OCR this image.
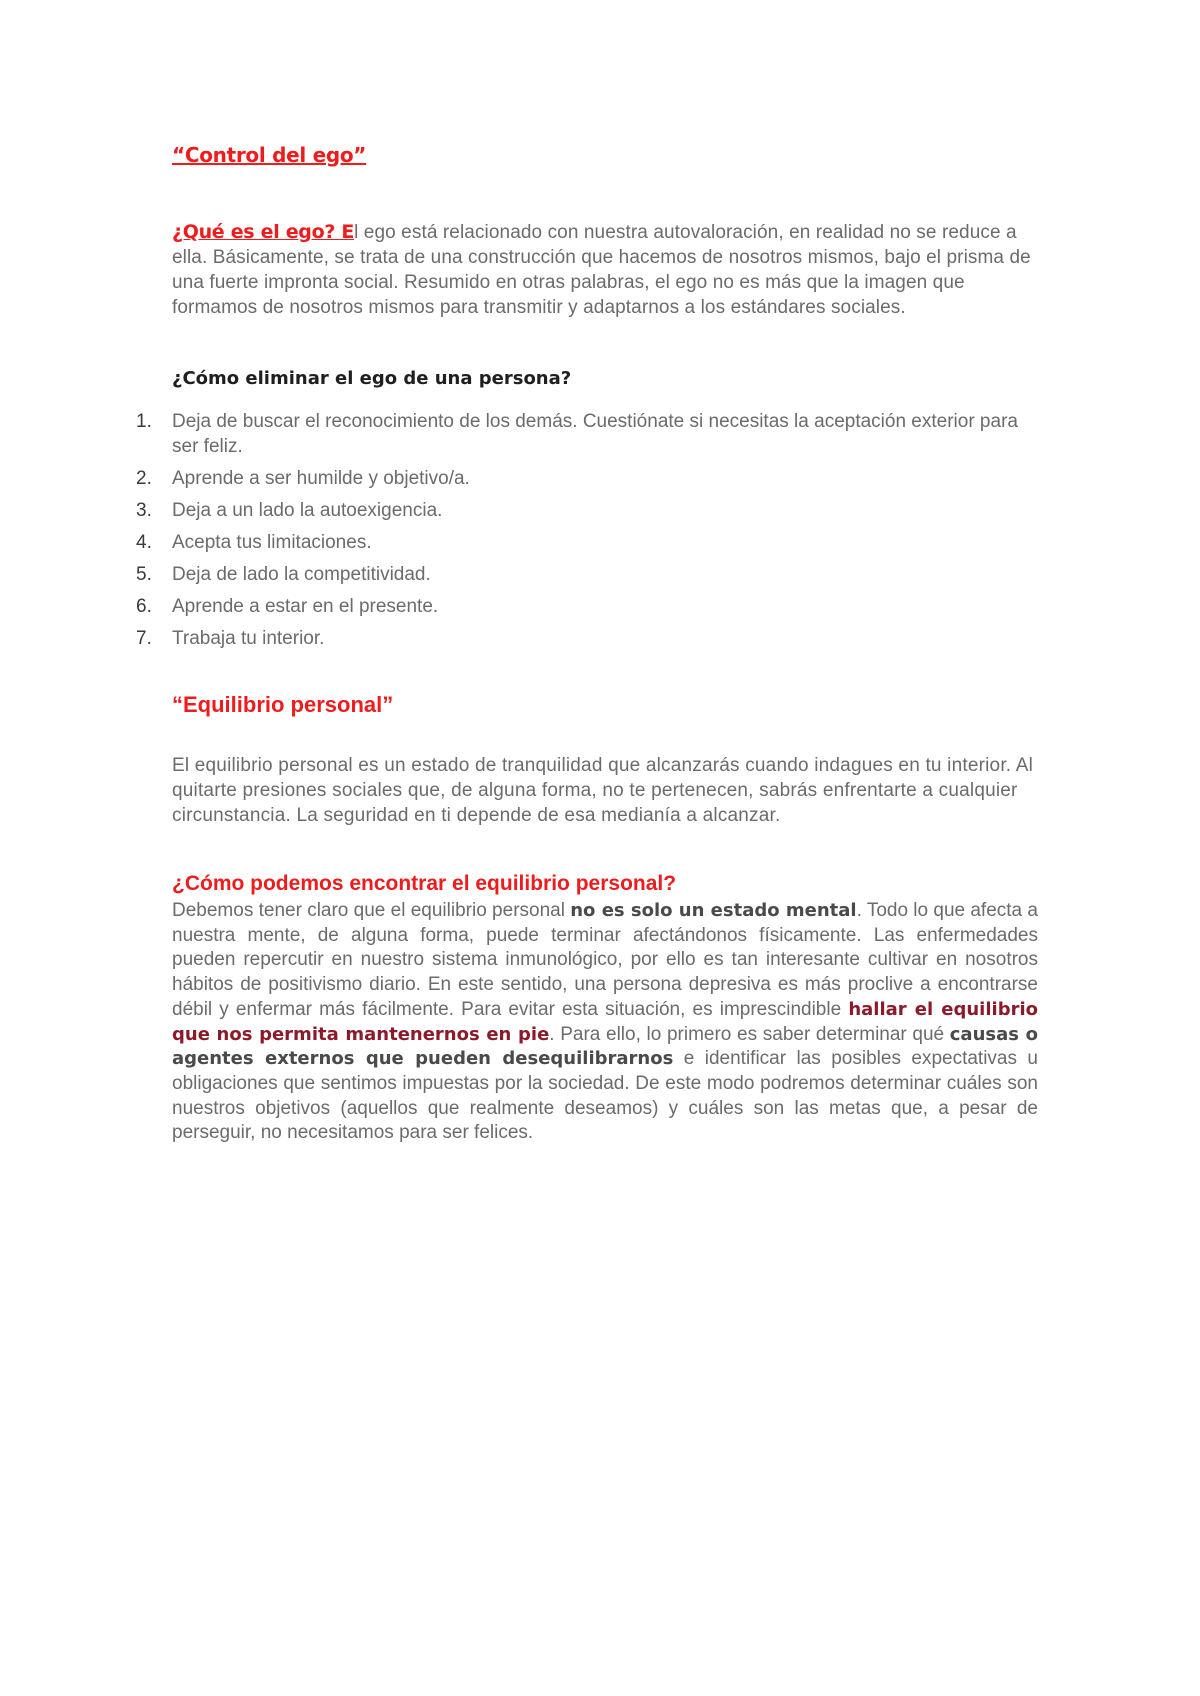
“Control del ego”

¿Qué es el ego? El ego está relacionado con nuestra autovaloración, en realidad no se reduce a ella. Básicamente, se trata de una construcción que hacemos de nosotros mismos, bajo el prisma de una fuerte impronta social. Resumido en otras palabras, el ego no es más que la imagen que formamos de nosotros mismos para transmitir y adaptarnos a los estándares sociales.

¿Cómo eliminar el ego de una persona?
1. Deja de buscar el reconocimiento de los demás. Cuestiónate si necesitas la aceptación exterior para ser feliz.
2. Aprende a ser humilde y objetivo/a.
3. Deja a un lado la autoexigencia.
4. Acepta tus limitaciones.
5. Deja de lado la competitividad.
6. Aprende a estar en el presente.
7. Trabaja tu interior.
“Equilibrio personal”

El equilibrio personal es un estado de tranquilidad que alcanzarás cuando indagues en tu interior. Al quitarte presiones sociales que, de alguna forma, no te pertenecen, sabrás enfrentarte a cualquier circunstancia. La seguridad en ti depende de esa medianía a alcanzar.

¿Cómo podemos encontrar el equilibrio personal?

Debemos tener claro que el equilibrio personal no es solo un estado mental. Todo lo que afecta a nuestra mente, de alguna forma, puede terminar afectándonos físicamente. Las enfermedades pueden repercutir en nuestro sistema inmunológico, por ello es tan interesante cultivar en nosotros hábitos de positivismo diario. En este sentido, una persona depresiva es más proclive a encontrarse débil y enfermar más fácilmente. Para evitar esta situación, es imprescindible hallar el equilibrio que nos permita mantenernos en pie. Para ello, lo primero es saber determinar qué causas o agentes externos que pueden desequilibrarnos e identificar las posibles expectativas u obligaciones que sentimos impuestas por la sociedad. De este modo podremos determinar cuáles son nuestros objetivos (aquellos que realmente deseamos) y cuáles son las metas que, a pesar de perseguir, no necesitamos para ser felices.
